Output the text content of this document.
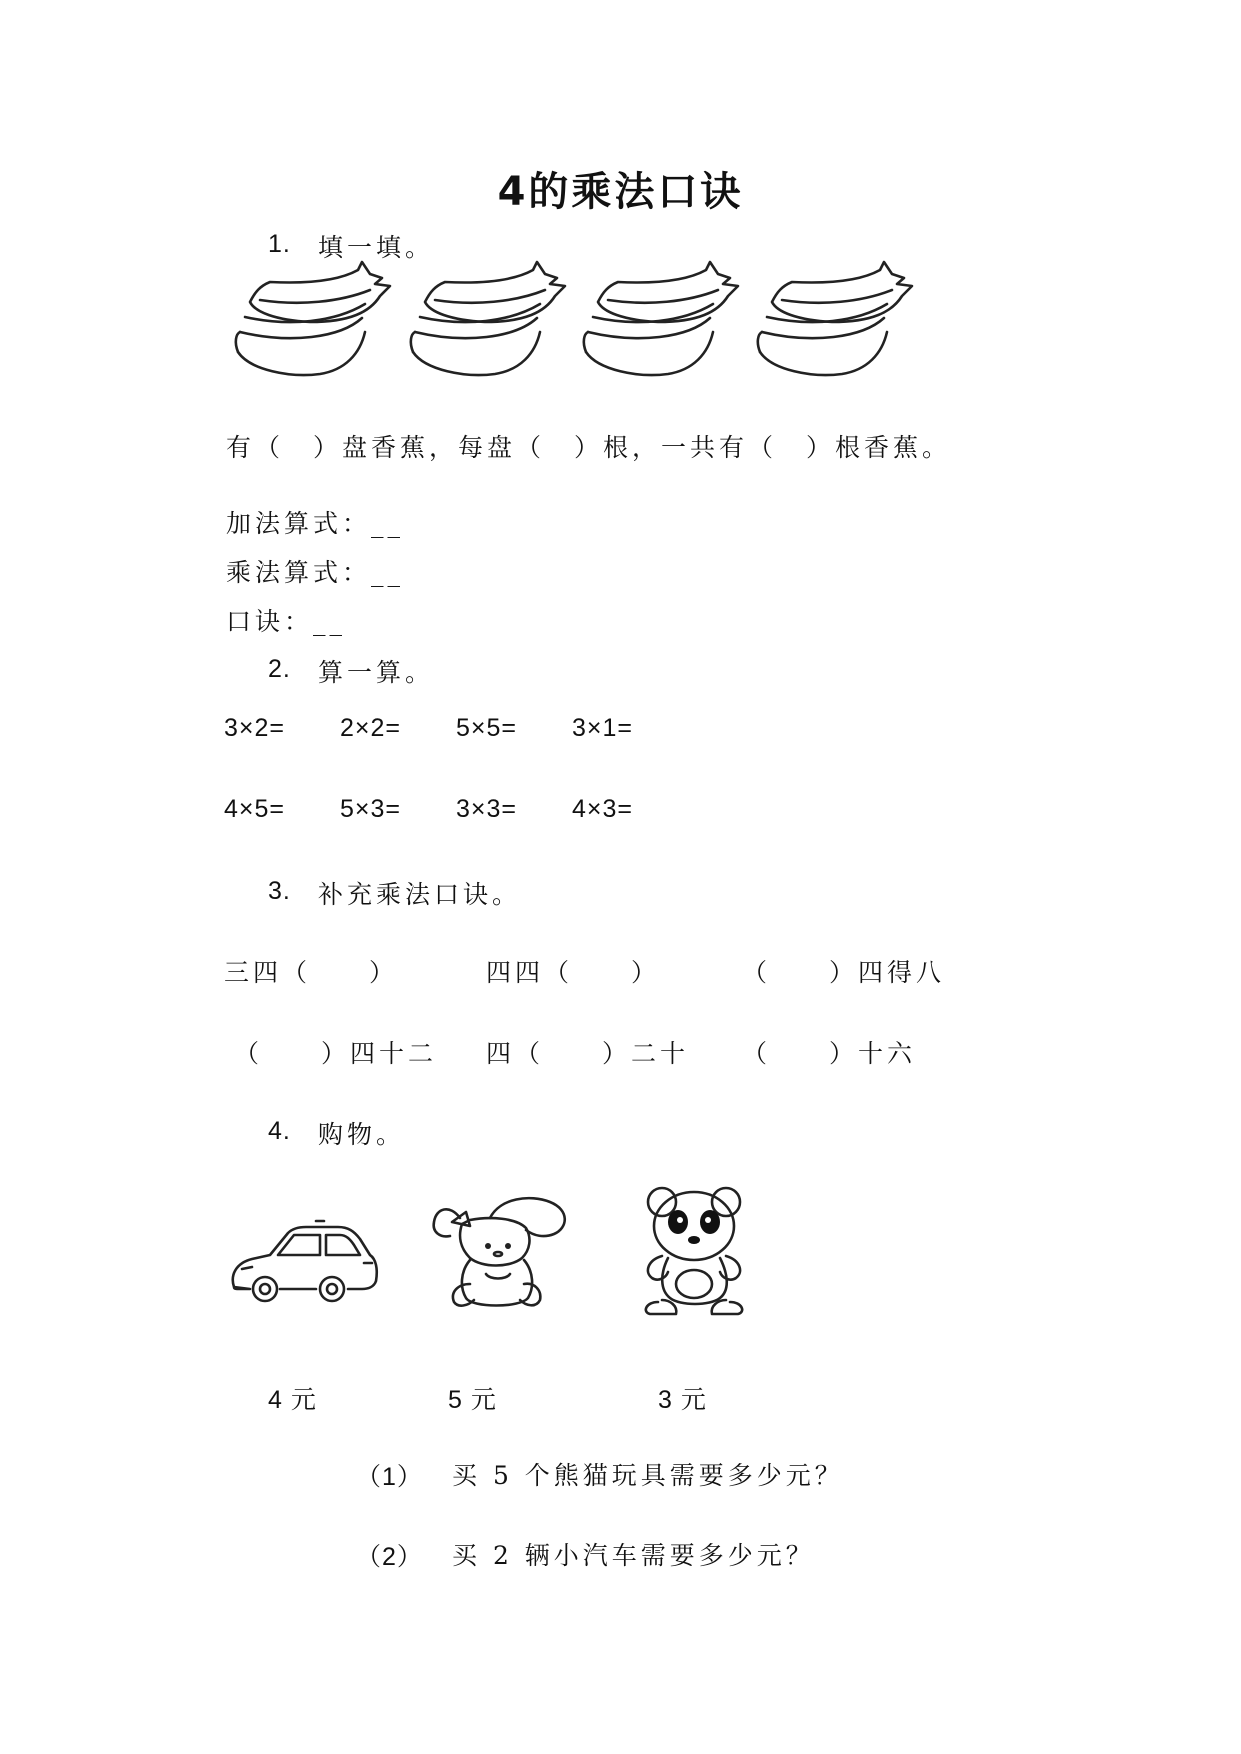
4的乘法口诀
1. 填一填。
有（　）盘香蕉，每盘（　）根，一共有（　）根香蕉。
加法算式：__
乘法算式：__
口诀：__
2. 算一算。
3×2= 2×2= 5×5= 3×1=
4×5= 5×3= 3×3= 4×3=
3. 补充乘法口诀。
三四（　　）	四四（　　）	（　　）四得八
（　　）四十二 四（　　）二十 （　　）十六
4. 购物。
4 元	5 元	3 元
（1） 买 5 个熊猫玩具需要多少元？
（2） 买 2 辆小汽车需要多少元？
